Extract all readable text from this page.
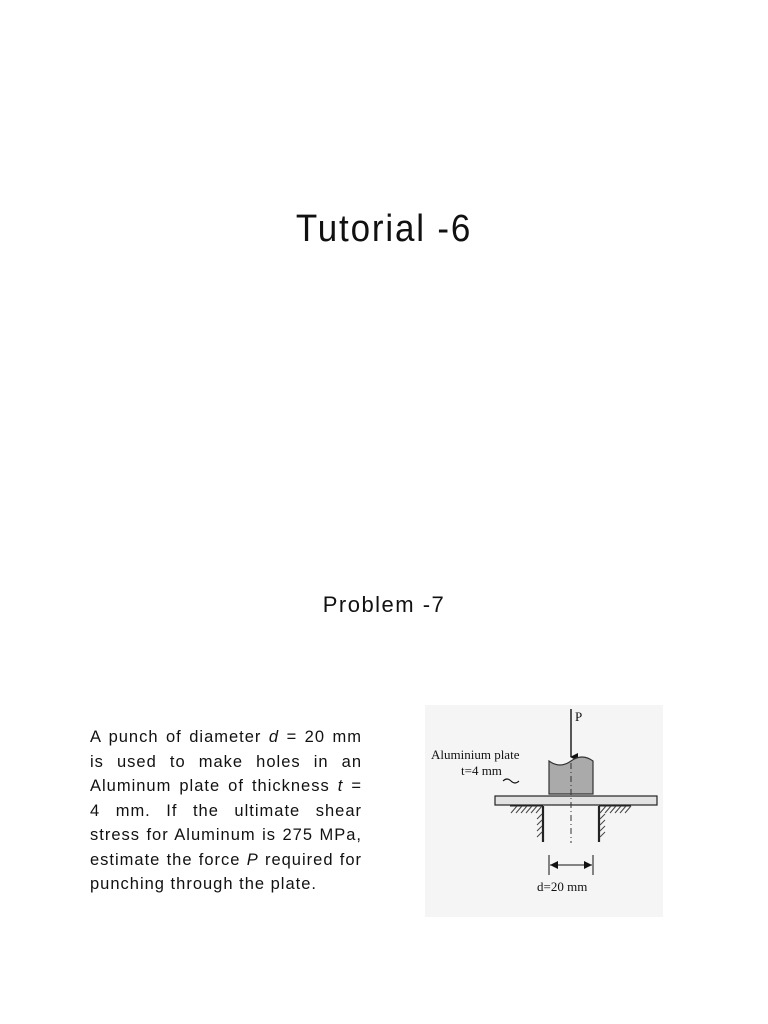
Tutorial -6
Problem -7

A punch of diameter d = 20 mm is used to make holes in an Aluminum plate of thickness t = 4 mm. If the ultimate shear stress for Aluminum is 275 MPa, estimate the force P required for punching through the plate.

P
Aluminium plate
t=4 mm
d=20 mm
